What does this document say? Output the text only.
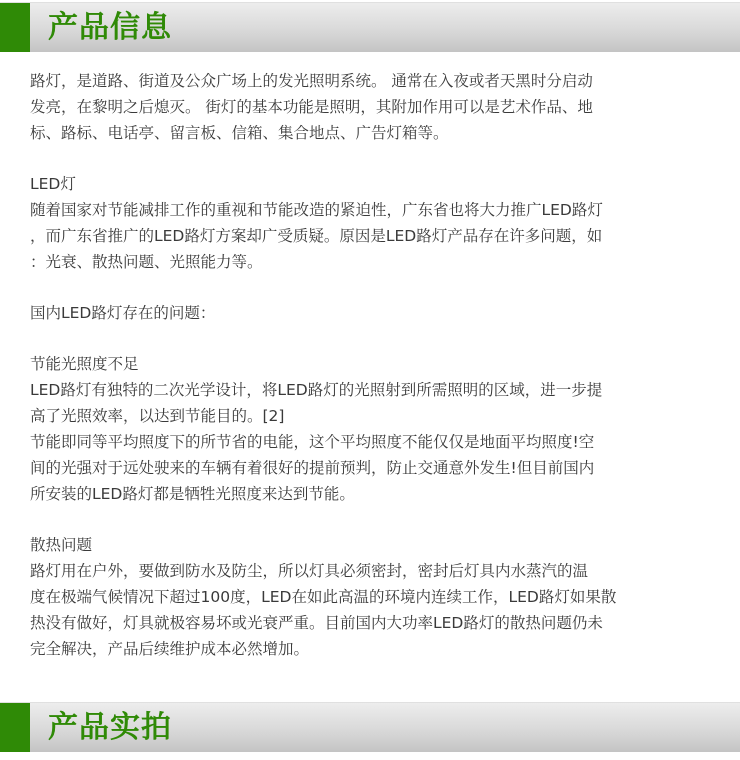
产品信息

路灯，是道路、街道及公众广场上的发光照明系统。 通常在入夜或者天黑时分启动

发亮，在黎明之后熄灭。 街灯的基本功能是照明，其附加作用可以是艺术作品、地

标、路标、电话亭、留言板、信箱、集合地点、广告灯箱等。

LED灯

随着国家对节能减排工作的重视和节能改造的紧迫性，广东省也将大力推广LED路灯

，而广东省推广的LED路灯方案却广受质疑。原因是LED路灯产品存在许多问题，如

：光衰、散热问题、光照能力等。

国内LED路灯存在的问题：

节能光照度不足

LED路灯有独特的二次光学设计，将LED路灯的光照射到所需照明的区域，进一步提

高了光照效率，以达到节能目的。[2]

节能即同等平均照度下的所节省的电能，这个平均照度不能仅仅是地面平均照度!空

间的光强对于远处驶来的车辆有着很好的提前预判，防止交通意外发生!但目前国内

所安装的LED路灯都是牺牲光照度来达到节能。

散热问题

路灯用在户外，要做到防水及防尘，所以灯具必须密封，密封后灯具内水蒸汽的温

度在极端气候情况下超过100度，LED在如此高温的环境内连续工作，LED路灯如果散

热没有做好，灯具就极容易坏或光衰严重。目前国内大功率LED路灯的散热问题仍未

完全解决，产品后续维护成本必然增加。

产品实拍
